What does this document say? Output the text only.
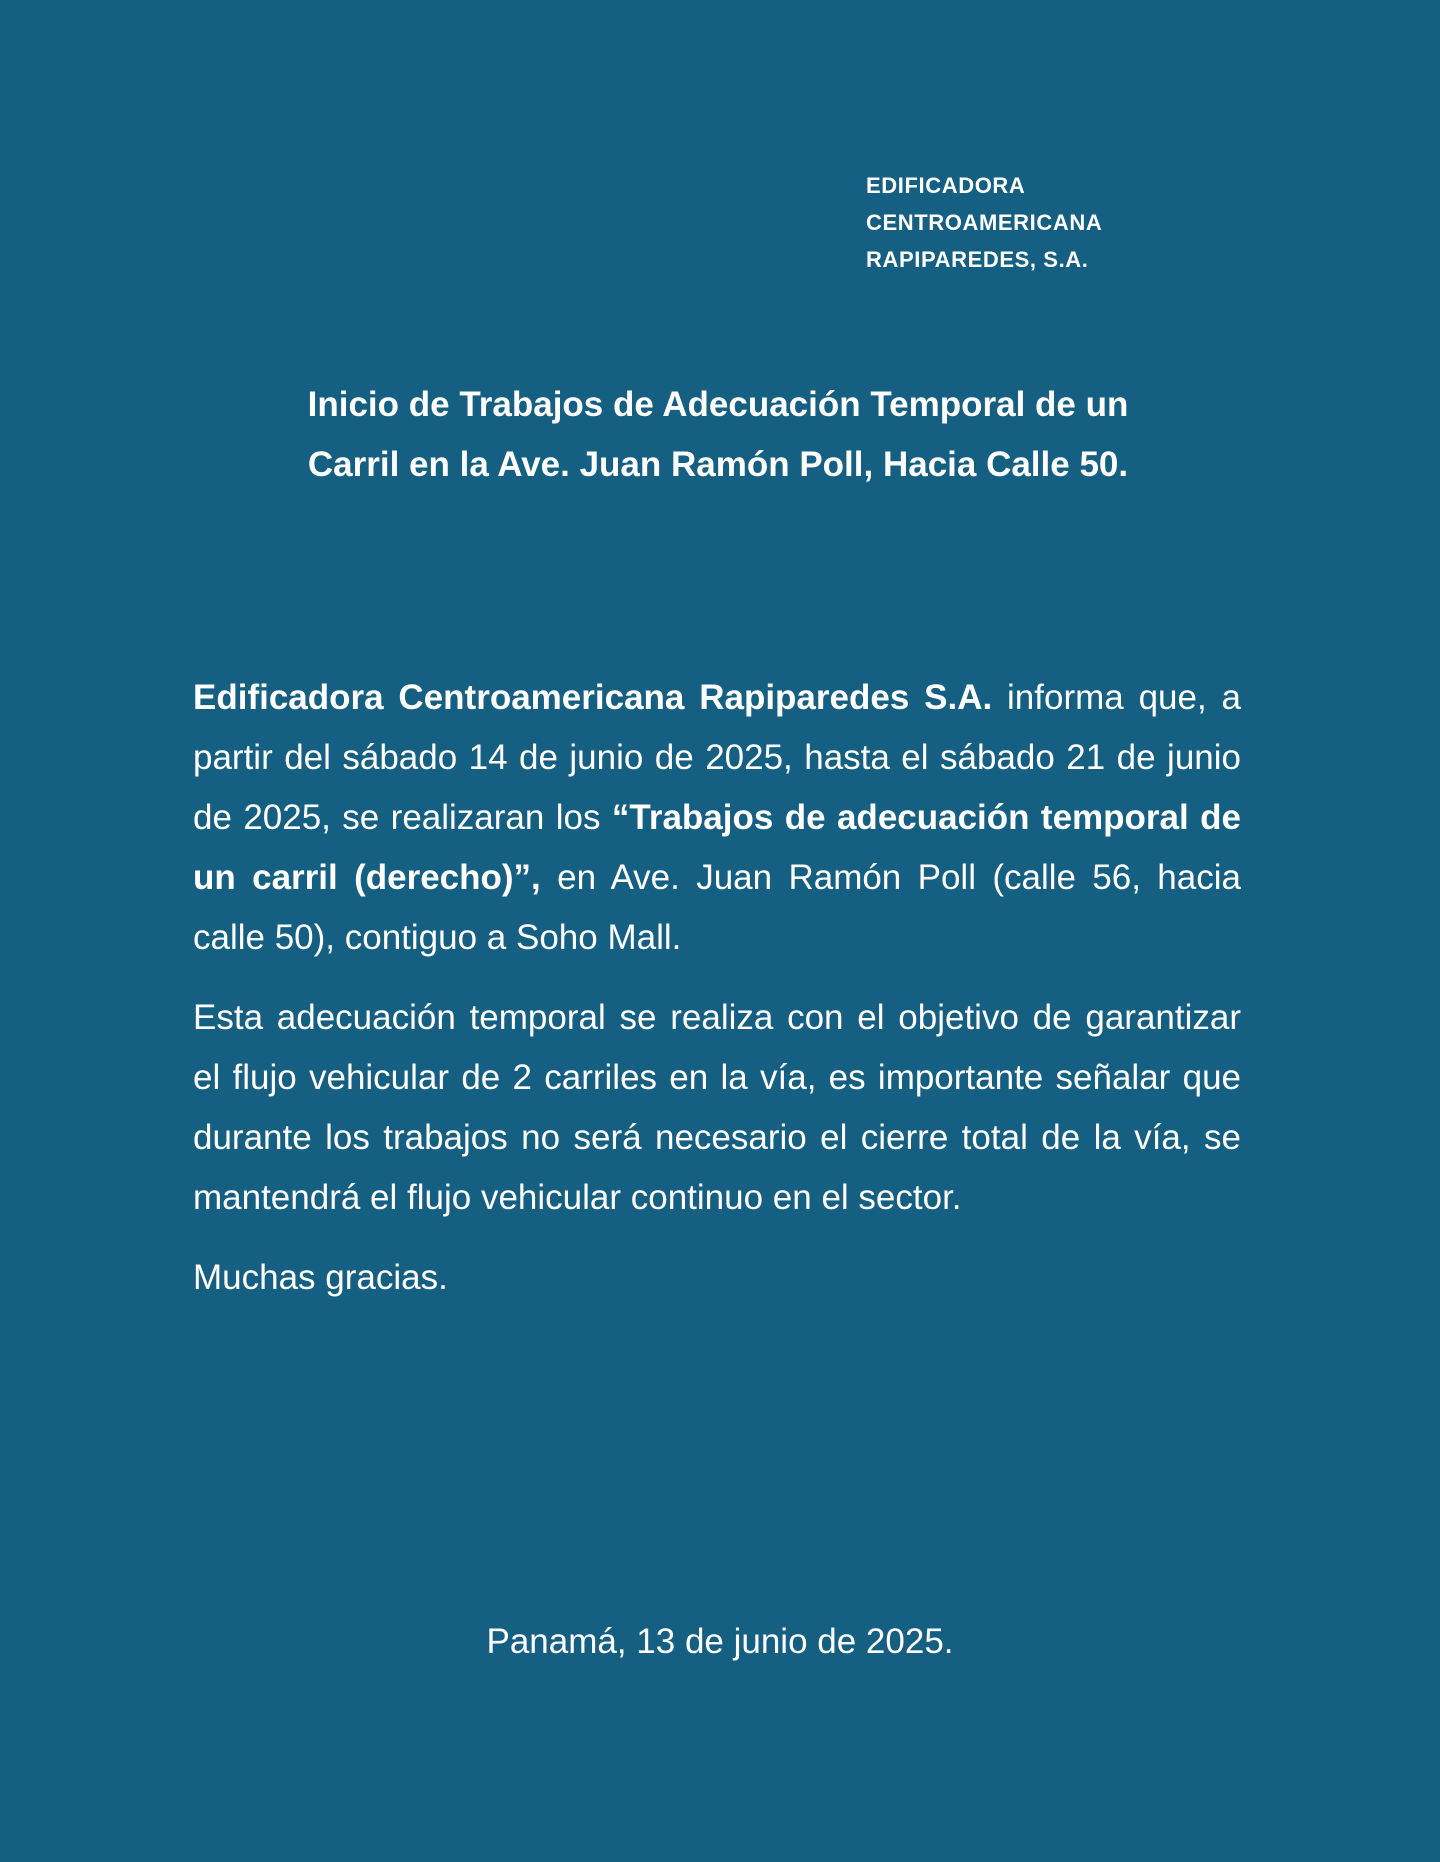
EDIFICADORA
CENTROAMERICANA
RAPIPAREDES, S.A.
Inicio de Trabajos de Adecuación Temporal de un
Carril en la Ave. Juan Ramón Poll, Hacia Calle 50.

Edificadora Centroamericana Rapiparedes S.A. informa que, a partir del sábado 14 de junio de 2025, hasta el sábado 21 de junio de 2025, se realizaran los “Trabajos de adecuación temporal de un carril (derecho)”, en Ave. Juan Ramón Poll (calle 56, hacia calle 50), contiguo a Soho Mall.

Esta adecuación temporal se realiza con el objetivo de garantizar el flujo vehicular de 2 carriles en la vía, es importante señalar que durante los trabajos no será necesario el cierre total de la vía, se mantendrá el flujo vehicular continuo en el sector.

Muchas gracias.

Panamá, 13 de junio de 2025.
